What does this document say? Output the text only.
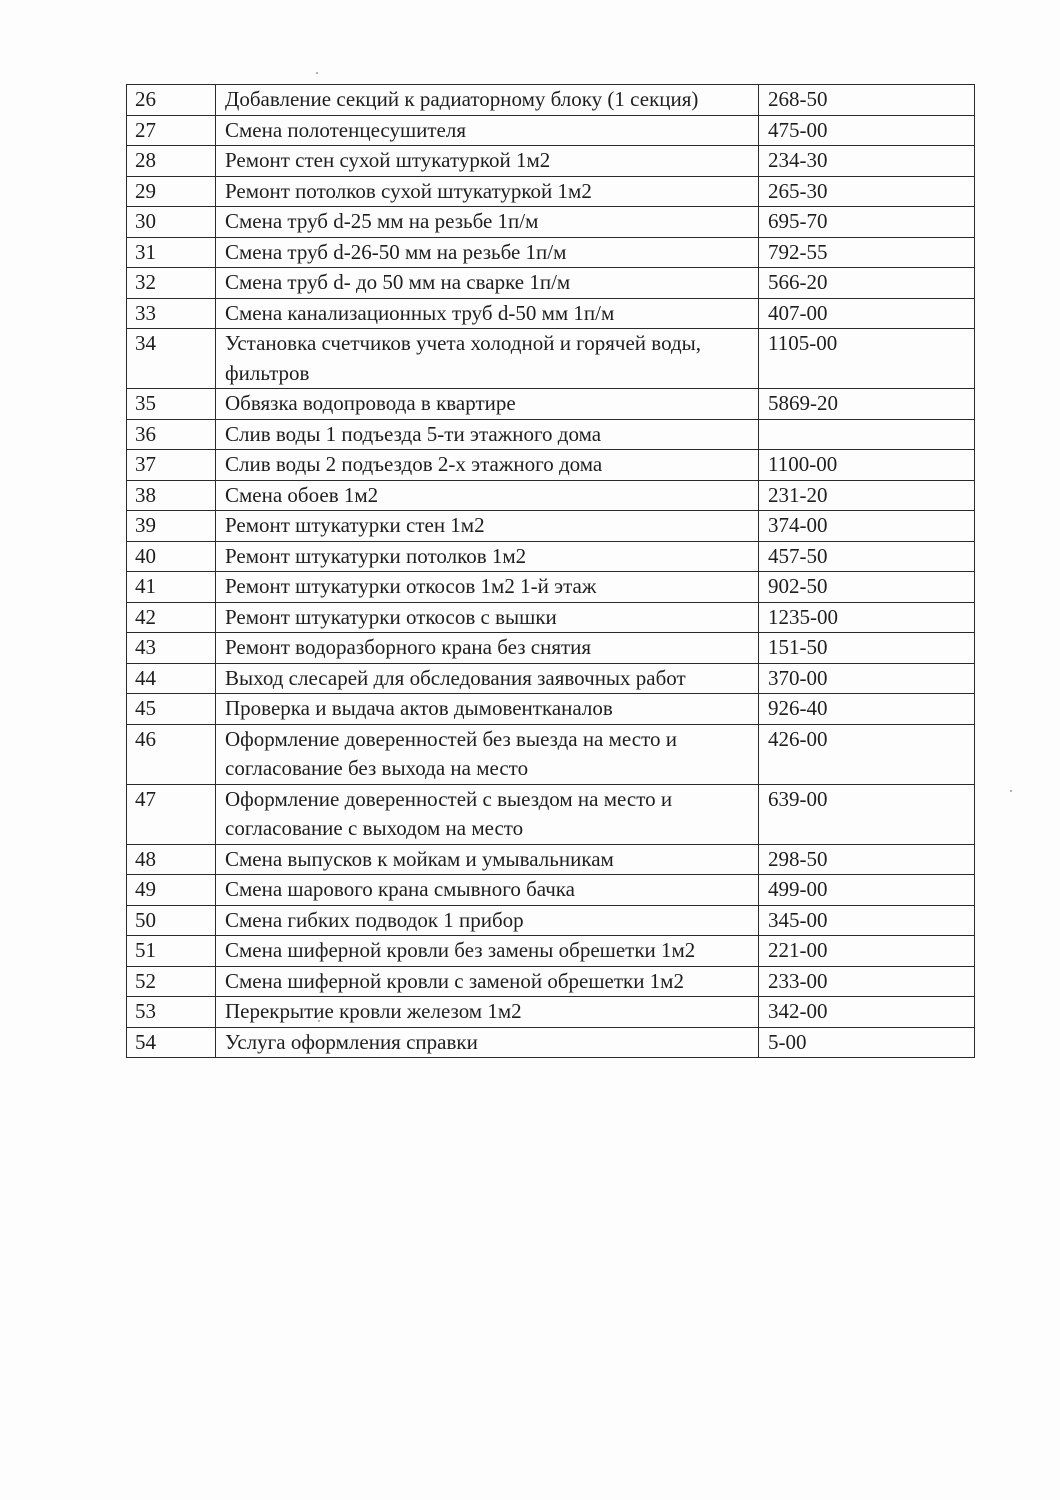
26	Добавление секций к радиаторному блоку (1 секция)	268-50
27	Смена полотенцесушителя	475-00
28	Ремонт стен сухой штукатуркой 1м2	234-30
29	Ремонт потолков сухой штукатуркой 1м2	265-30
30	Смена труб d-25 мм на резьбе 1п/м	695-70
31	Смена труб d-26-50 мм на резьбе 1п/м	792-55
32	Смена труб d- до 50 мм на сварке 1п/м	566-20
33	Смена канализационных труб d-50 мм 1п/м	407-00
34	Установка счетчиков учета холодной и горячей воды, фильтров	1105-00
35	Обвязка водопровода в квартире	5869-20
36	Слив воды 1 подъезда 5-ти этажного дома	
37	Слив воды 2 подъездов 2-х этажного дома	1100-00
38	Смена обоев 1м2	231-20
39	Ремонт штукатурки стен 1м2	374-00
40	Ремонт штукатурки потолков 1м2	457-50
41	Ремонт штукатурки откосов 1м2 1-й этаж	902-50
42	Ремонт штукатурки откосов с вышки	1235-00
43	Ремонт водоразборного крана без снятия	151-50
44	Выход слесарей для обследования заявочных работ	370-00
45	Проверка и выдача актов дымовентканалов	926-40
46	Оформление доверенностей без выезда на место и согласование без выхода на место	426-00
47	Оформление доверенностей с выездом на место и согласование с выходом на место	639-00
48	Смена выпусков к мойкам и умывальникам	298-50
49	Смена шарового крана смывного бачка	499-00
50	Смена гибких подводок 1 прибор	345-00
51	Смена шиферной кровли без замены обрешетки 1м2	221-00
52	Смена шиферной кровли с заменой обрешетки 1м2	233-00
53	Перекрытие кровли железом 1м2	342-00
54	Услуга оформления справки	5-00
